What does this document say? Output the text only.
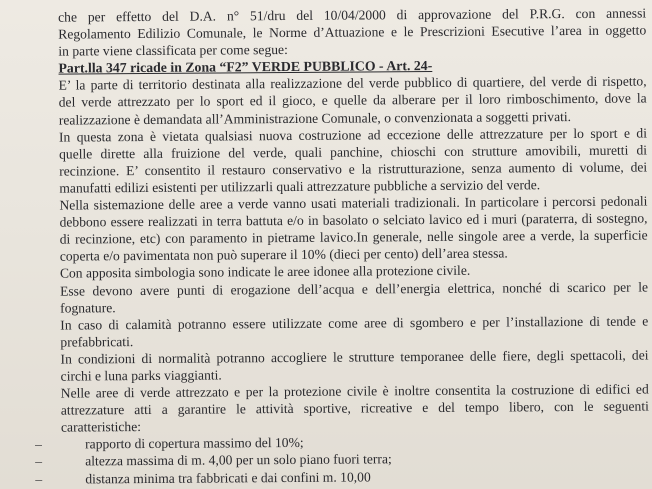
che per effetto del D.A. n° 51/dru del 10/04/2000 di approvazione del P.R.G. con annessi
Regolamento Edilizio Comunale, le Norme d’Attuazione e le Prescrizioni Esecutive l’area in oggetto
in parte viene classificata per come segue:
Part.lla 347 ricade in Zona “F2” VERDE PUBBLICO - Art. 24-
E’ la parte di territorio destinata alla realizzazione del verde pubblico di quartiere, del verde di rispetto,
del verde attrezzato per lo sport ed il gioco, e quelle da alberare per il loro rimboschimento, dove la
realizzazione è demandata all’Amministrazione Comunale, o convenzionata a soggetti privati.
In questa zona è vietata qualsiasi nuova costruzione ad eccezione delle attrezzature per lo sport e di
quelle dirette alla fruizione del verde, quali panchine, chioschi con strutture amovibili, muretti di
recinzione. E’ consentito il restauro conservativo e la ristrutturazione, senza aumento di volume, dei
manufatti edilizi esistenti per utilizzarli quali attrezzature pubbliche a servizio del verde.
Nella sistemazione delle aree a verde vanno usati materiali tradizionali. In particolare i percorsi pedonali
debbono essere realizzati in terra battuta e/o in basolato o selciato lavico ed i muri (paraterra, di sostegno,
di recinzione, etc) con paramento in pietrame lavico.In generale, nelle singole aree a verde, la superficie
coperta e/o pavimentata non può superare il 10% (dieci per cento) dell’area stessa.
Con apposita simbologia sono indicate le aree idonee alla protezione civile.
Esse devono avere punti di erogazione dell’acqua e dell’energia elettrica, nonché di scarico per le
fognature.
In caso di calamità potranno essere utilizzate come aree di sgombero e per l’installazione di tende e
prefabbricati.
In condizioni di normalità potranno accogliere le strutture temporanee delle fiere, degli spettacoli, dei
circhi e luna parks viaggianti.
Nelle aree di verde attrezzato e per la protezione civile è inoltre consentita la costruzione di edifici ed
attrezzature atti a garantire le attività sportive, ricreative e del tempo libero, con le seguenti
caratteristiche:
–	rapporto di copertura massimo del 10%;
–	altezza massima di m. 4,00 per un solo piano fuori terra;
–	distanza minima tra fabbricati e dai confini m. 10,00
